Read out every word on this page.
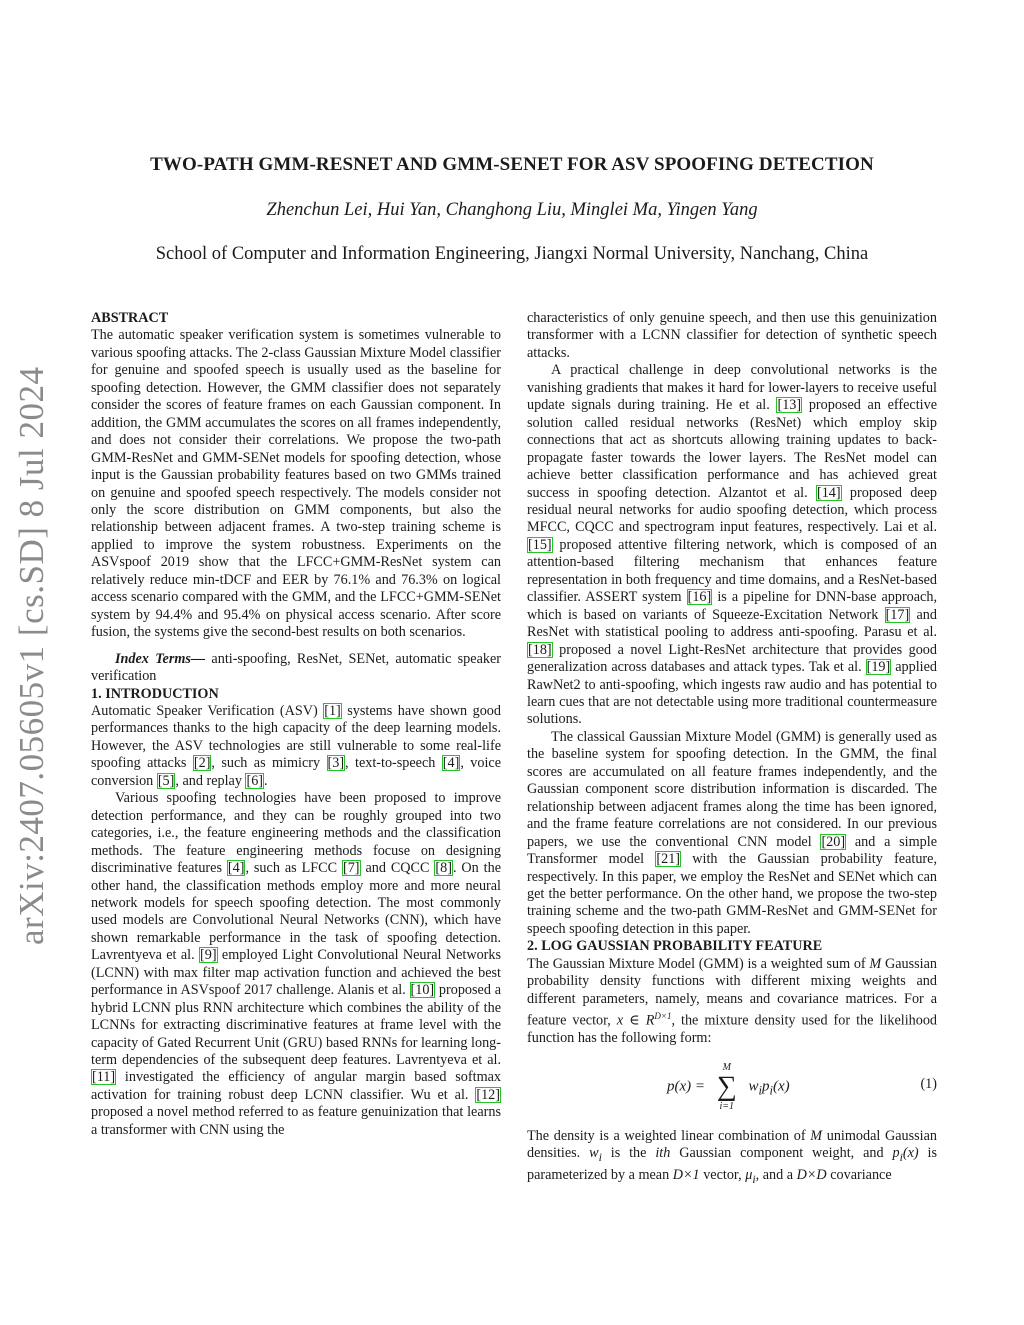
arXiv:2407.05605v1 [cs.SD] 8 Jul 2024
TWO-PATH GMM-RESNET AND GMM-SENET FOR ASV SPOOFING DETECTION
Zhenchun Lei, Hui Yan, Changhong Liu, Minglei Ma, Yingen Yang
School of Computer and Information Engineering, Jiangxi Normal University, Nanchang, China

ABSTRACT

The automatic speaker verification system is sometimes vulnerable to various spoofing attacks. The 2-class Gaussian Mixture Model classifier for genuine and spoofed speech is usually used as the baseline for spoofing detection. However, the GMM classifier does not separately consider the scores of feature frames on each Gaussian component. In addition, the GMM accumulates the scores on all frames independently, and does not consider their correlations. We propose the two-path GMM-ResNet and GMM-SENet models for spoofing detection, whose input is the Gaussian probability features based on two GMMs trained on genuine and spoofed speech respectively. The models consider not only the score distribution on GMM components, but also the relationship between adjacent frames. A two-step training scheme is applied to improve the system robustness. Experiments on the ASVspoof 2019 show that the LFCC+GMM-ResNet system can relatively reduce min-tDCF and EER by 76.1% and 76.3% on logical access scenario compared with the GMM, and the LFCC+GMM-SENet system by 94.4% and 95.4% on physical access scenario. After score fusion, the systems give the second-best results on both scenarios.

Index Terms— anti-spoofing, ResNet, SENet, automatic speaker verification

1. INTRODUCTION

Automatic Speaker Verification (ASV) [1] systems have shown good performances thanks to the high capacity of the deep learning models. However, the ASV technologies are still vulnerable to some real-life spoofing attacks [2], such as mimicry [3], text-to-speech [4], voice conversion [5], and replay [6].

Various spoofing technologies have been proposed to improve detection performance, and they can be roughly grouped into two categories, i.e., the feature engineering methods and the classification methods. The feature engineering methods focuse on designing discriminative features [4], such as LFCC [7] and CQCC [8]. On the other hand, the classification methods employ more and more neural network models for speech spoofing detection. The most commonly used models are Convolutional Neural Networks (CNN), which have shown remarkable performance in the task of spoofing detection. Lavrentyeva et al. [9] employed Light Convolutional Neural Networks (LCNN) with max filter map activation function and achieved the best performance in ASVspoof 2017 challenge. Alanis et al. [10] proposed a hybrid LCNN plus RNN architecture which combines the ability of the LCNNs for extracting discriminative features at frame level with the capacity of Gated Recurrent Unit (GRU) based RNNs for learning long-term dependencies of the subsequent deep features. Lavrentyeva et al. [11] investigated the efficiency of angular margin based softmax activation for training robust deep LCNN classifier. Wu et al. [12] proposed a novel method referred to as feature genuinization that learns a transformer with CNN using the

characteristics of only genuine speech, and then use this genuinization transformer with a LCNN classifier for detection of synthetic speech attacks.

A practical challenge in deep convolutional networks is the vanishing gradients that makes it hard for lower-layers to receive useful update signals during training. He et al. [13] proposed an effective solution called residual networks (ResNet) which employ skip connections that act as shortcuts allowing training updates to back-propagate faster towards the lower layers. The ResNet model can achieve better classification performance and has achieved great success in spoofing detection. Alzantot et al. [14] proposed deep residual neural networks for audio spoofing detection, which process MFCC, CQCC and spectrogram input features, respectively. Lai et al. [15] proposed attentive filtering network, which is composed of an attention-based filtering mechanism that enhances feature representation in both frequency and time domains, and a ResNet-based classifier. ASSERT system [16] is a pipeline for DNN-base approach, which is based on variants of Squeeze-Excitation Network [17] and ResNet with statistical pooling to address anti-spoofing. Parasu et al. [18] proposed a novel Light-ResNet architecture that provides good generalization across databases and attack types. Tak et al. [19] applied RawNet2 to anti-spoofing, which ingests raw audio and has potential to learn cues that are not detectable using more traditional countermeasure solutions.

The classical Gaussian Mixture Model (GMM) is generally used as the baseline system for spoofing detection. In the GMM, the final scores are accumulated on all feature frames independently, and the Gaussian component score distribution information is discarded. The relationship between adjacent frames along the time has been ignored, and the frame feature correlations are not considered. In our previous papers, we use the conventional CNN model [20] and a simple Transformer model [21] with the Gaussian probability feature, respectively. In this paper, we employ the ResNet and SENet which can get the better performance. On the other hand, we propose the two-step training scheme and the two-path GMM-ResNet and GMM-SENet for speech spoofing detection in this paper.

2. LOG GAUSSIAN PROBABILITY FEATURE

The Gaussian Mixture Model (GMM) is a weighted sum of M Gaussian probability density functions with different mixing weights and different parameters, namely, means and covariance matrices. For a feature vector, x ∈ $R^{D\times 1}$, the mixture density used for the likelihood function has the following form:

p(x) =
M
∑
i=1
$w_ip_i(x)$	(1)

The density is a weighted linear combination of M unimodal Gaussian densities. $w_i$ is the ith Gaussian component weight, and $p_i(x)$ is parameterized by a mean D×1 vector, $\mu_i$, and a D×D covariance
